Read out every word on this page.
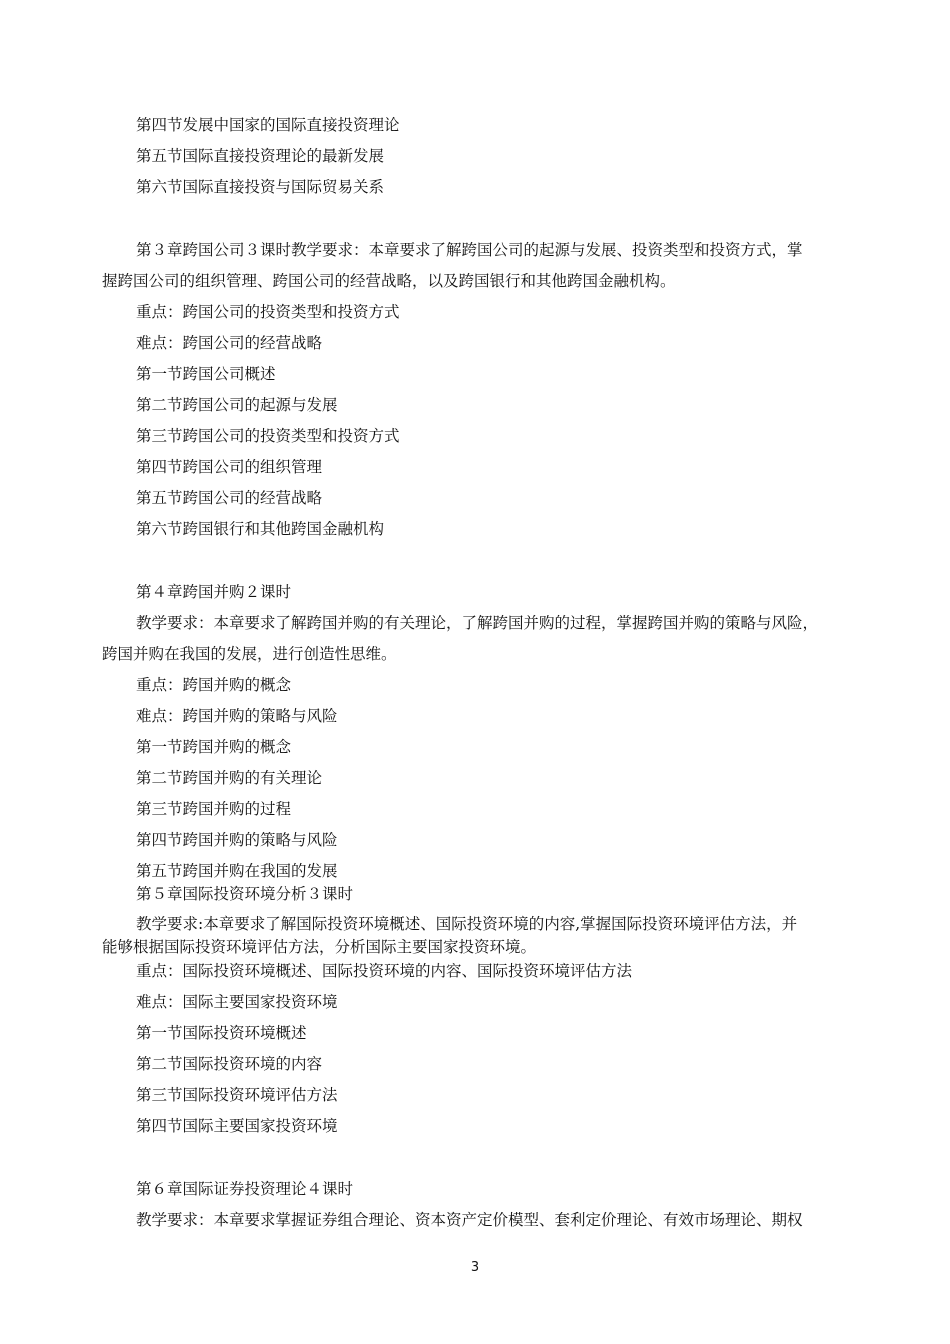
第四节发展中国家的国际直接投资理论
第五节国际直接投资理论的最新发展
第六节国际直接投资与国际贸易关系
第３章跨国公司３课时教学要求：本章要求了解跨国公司的起源与发展、投资类型和投资方式，掌
握跨国公司的组织管理、跨国公司的经营战略，以及跨国银行和其他跨国金融机构。
重点：跨国公司的投资类型和投资方式
难点：跨国公司的经营战略
第一节跨国公司概述
第二节跨国公司的起源与发展
第三节跨国公司的投资类型和投资方式
第四节跨国公司的组织管理
第五节跨国公司的经营战略
第六节跨国银行和其他跨国金融机构
第４章跨国并购２课时
教学要求：本章要求了解跨国并购的有关理论，了解跨国并购的过程，掌握跨国并购的策略与风险，
跨国并购在我国的发展，进行创造性思维。
重点：跨国并购的概念
难点：跨国并购的策略与风险
第一节跨国并购的概念
第二节跨国并购的有关理论
第三节跨国并购的过程
第四节跨国并购的策略与风险
第五节跨国并购在我国的发展
第５章国际投资环境分析３课时
教学要求:本章要求了解国际投资环境概述、国际投资环境的内容,掌握国际投资环境评估方法，并
能够根据国际投资环境评估方法，分析国际主要国家投资环境。
重点：国际投资环境概述、国际投资环境的内容、国际投资环境评估方法
难点：国际主要国家投资环境
第一节国际投资环境概述
第二节国际投资环境的内容
第三节国际投资环境评估方法
第四节国际主要国家投资环境
第６章国际证券投资理论４课时
教学要求：本章要求掌握证券组合理论、资本资产定价模型、套利定价理论、有效市场理论、期权
3
